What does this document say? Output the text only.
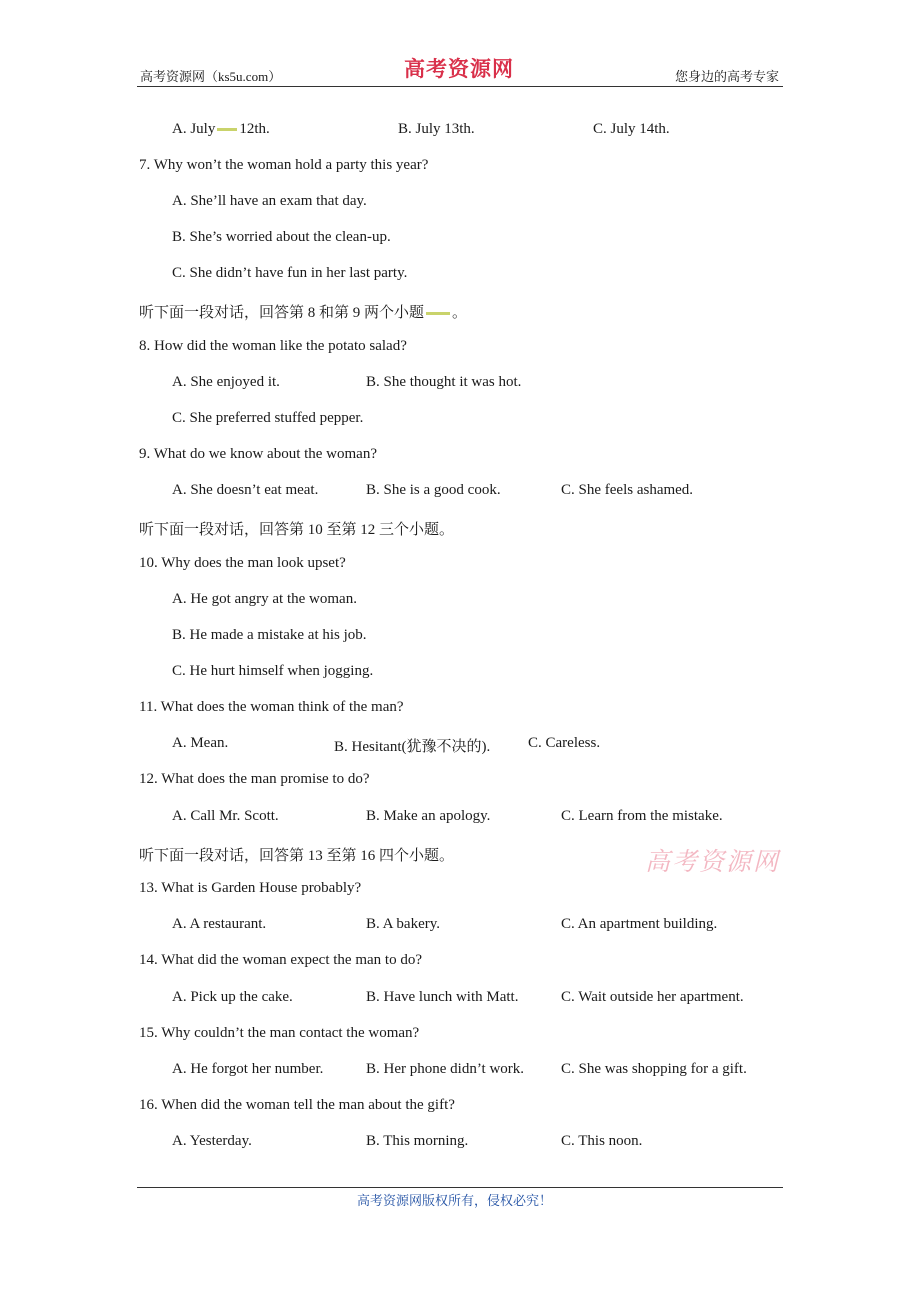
高考资源网（ks5u.com）	高考资源网	您身边的高考专家
A. July 12th.	B. July 13th.	C. July 14th.
7. Why won’t the woman hold a party this year?
A. She’ll have an exam that day.
B. She’s worried about the clean-up.
C. She didn’t have fun in her last party.
听下面一段对话，回答第 8 和第 9 两个小题 。
8. How did the woman like the potato salad?
A. She enjoyed it.	B. She thought it was hot.
C. She preferred stuffed pepper.
9. What do we know about the woman?
A. She doesn’t eat meat.	B. She is a good cook.	C. She feels ashamed.
听下面一段对话，回答第 10 至第 12 三个小题。
10. Why does the man look upset?
A. He got angry at the woman.
B. He made a mistake at his job.
C. He hurt himself when jogging.
11. What does the woman think of the man?
A. Mean.	B. Hesitant(犹豫不决的).	C. Careless.
12. What does the man promise to do?
A. Call Mr. Scott.	B. Make an apology.	C. Learn from the mistake.
听下面一段对话，回答第 13 至第 16 四个小题。	高考资源网
13. What is Garden House probably?
A. A restaurant.	B. A bakery.	C. An apartment building.
14. What did the woman expect the man to do?
A. Pick up the cake.	B. Have lunch with Matt.	C. Wait outside her apartment.
15. Why couldn’t the man contact the woman?
A. He forgot her number.	B. Her phone didn’t work. C. She was shopping for a gift.
16. When did the woman tell the man about the gift?
A. Yesterday.	B. This morning.	C. This noon.
高考资源网版权所有，侵权必究！
